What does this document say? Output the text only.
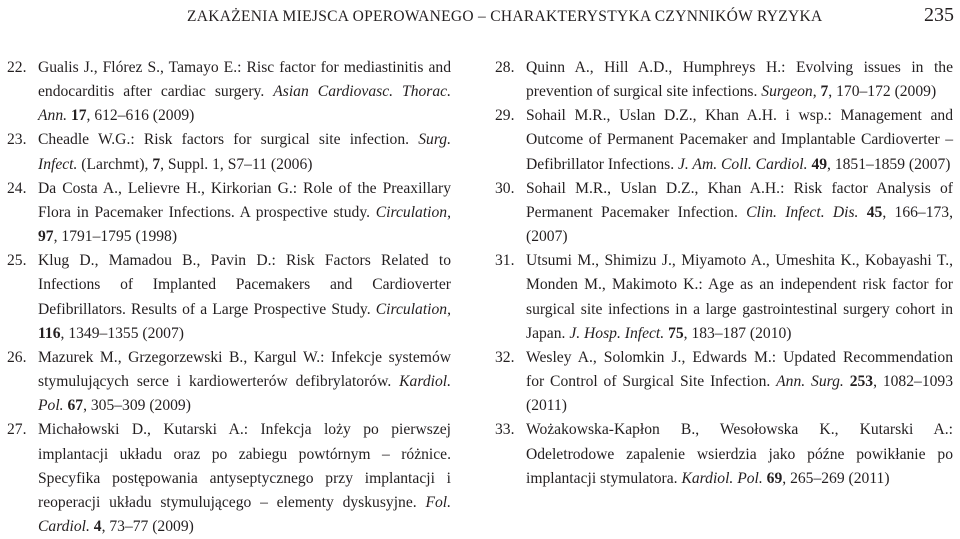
ZAKAŻENIA MIEJSCA OPEROWANEGO – CHARAKTERYSTYKA CZYNNIKÓW RYZYKA	235
22. Gualis J., Flórez S., Tamayo E.: Risc factor for mediastinitis and endocarditis after cardiac surgery. Asian Cardiovasc. Thorac. Ann. 17, 612–616 (2009)
23. Cheadle W.G.: Risk factors for surgical site infection. Surg. Infect. (Larchmt), 7, Suppl. 1, S7–11 (2006)
24. Da Costa A., Lelievre H., Kirkorian G.: Role of the Preaxillary Flora in Pacemaker Infections. A prospective study. Circulation, 97, 1791–1795 (1998)
25. Klug D., Mamadou B., Pavin D.: Risk Factors Related to Infections of Implanted Pacemakers and Cardioverter Defibrillators. Results of a Large Prospective Study. Circulation, 116, 1349–1355 (2007)
26. Mazurek M., Grzegorzewski B., Kargul W.: Infekcje systemów stymulujących serce i kardiowerterów defibrylatorów. Kardiol. Pol. 67, 305–309 (2009)
27. Michałowski D., Kutarski A.: Infekcja loży po pierwszej implantacji układu oraz po zabiegu powtórnym – różnice. Specyfika postępowania antyseptycznego przy implantacji i reoperacji układu stymulującego – elementy dyskusyjne. Fol. Cardiol. 4, 73–77 (2009)
28. Quinn A., Hill A.D., Humphreys H.: Evolving issues in the prevention of surgical site infections. Surgeon, 7, 170–172 (2009)
29. Sohail M.R., Uslan D.Z., Khan A.H. i wsp.: Management and Outcome of Permanent Pacemaker and Implantable Cardioverter – Defibrillator Infections. J. Am. Coll. Cardiol. 49, 1851–1859 (2007)
30. Sohail M.R., Uslan D.Z., Khan A.H.: Risk factor Analysis of Permanent Pacemaker Infection. Clin. Infect. Dis. 45, 166–173, (2007)
31. Utsumi M., Shimizu J., Miyamoto A., Umeshita K., Kobayashi T., Monden M., Makimoto K.: Age as an independent risk factor for surgical site infections in a large gastrointestinal surgery cohort in Japan. J. Hosp. Infect. 75, 183–187 (2010)
32. Wesley A., Solomkin J., Edwards M.: Updated Recommendation for Control of Surgical Site Infection. Ann. Surg. 253, 1082–1093 (2011)
33. Wożakowska-Kapłon B., Wesołowska K., Kutarski A.: Odeletrodowe zapalenie wsierdzia jako późne powikłanie po implantacji stymulatora. Kardiol. Pol. 69, 265–269 (2011)
